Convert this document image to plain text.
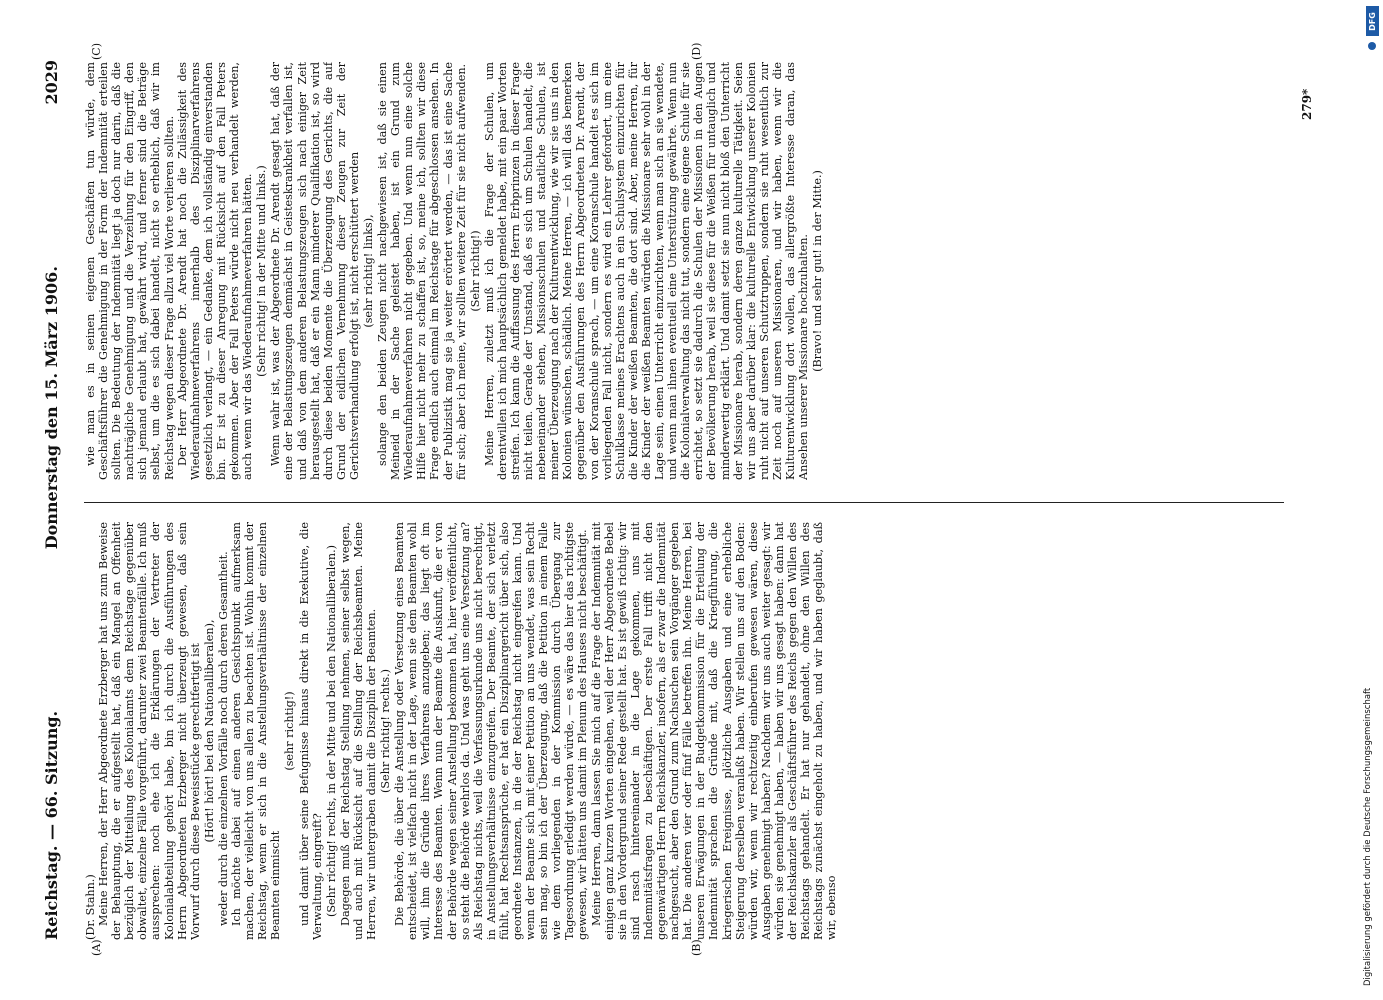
Reichstag. — 66. Sitzung.
Donnerstag den 15. März 1906.
2029
(A)	(B)
(C)	(D)

(Dr. Stahn.) Meine Herren, der Herr Abgeordnete Erzberger hat uns zum Beweise der Behauptung, die er aufgestellt hat, daß ein Mangel an Offenheit bezüglich der Mitteilung des Kolonialamts dem Reichstage gegenüber obwaltet, einzelne Fälle vorgeführt, darunter zwei Beamtenfälle. Ich muß aussprechen: noch ehe ich die Erklärungen der Vertreter der Kolonialabteilung gehört habe, bin ich durch die Ausführungen des Herrn Abgeordneten Erzberger nicht überzeugt gewesen, daß sein Vorwurf durch diese Beweisstücke gerechtfertigt ist (Hört! hört! bei den Nationalliberalen), weder durch die einzelnen Vorfälle noch durch deren Gesamtheit. Ich möchte dabei auf einen anderen Gesichtspunkt aufmerksam machen, der vielleicht von uns allen zu beachten ist. Wohin kommt der Reichstag, wenn er sich in die Anstellungsverhältnisse der einzelnen Beamten einmischt

(sehr richtig!) und damit über seine Befugnisse hinaus direkt in die Exekutive, die Verwaltung, eingreift? (Sehr richtig! rechts, in der Mitte und bei den Nationalliberalen.) Dagegen muß der Reichstag Stellung nehmen, seiner selbst wegen, und auch mit Rücksicht auf die Stellung der Reichsbeamten. Meine Herren, wir untergraben damit die Disziplin der Beamten. (Sehr richtig! rechts.) Die Behörde, die über die Anstellung oder Versetzung eines Beamten entscheidet, ist vielfach nicht in der Lage, wenn sie dem Beamten wohl will, ihm die Gründe ihres Verfahrens anzugeben; das liegt oft im Interesse des Beamten. Wenn nun der Beamte die Auskunft, die er von der Behörde wegen seiner Anstellung bekommen hat, hier veröffentlicht, so steht die Behörde wehrlos da. Und was geht uns eine Versetzung an? Als Reichstag nichts, weil die Verfassungsurkunde uns nicht berechtigt, in Anstellungsverhältnisse einzugreifen. Der Beamte, der sich verletzt fühlt, hat Rechtsansprüche, er hat ein Disziplinargericht über sich, also geordnete Instanzen, in die der Reichstag nicht eingreifen kann. Und wenn der Beamte sich mit einer Petition an uns wendet, was sein Recht sein mag, so bin ich der Überzeugung, daß die Petition in einem Falle wie dem vorliegenden in der Kommission durch Übergang zur Tagesordnung erledigt werden würde, — es wäre das hier das richtigste gewesen, wir hätten uns damit im Plenum des Hauses nicht beschäftigt. Meine Herren, dann lassen Sie mich auf die Frage der Indemnität mit einigen ganz kurzen Worten eingehen, weil der Herr Abgeordnete Bebel sie in den Vordergrund seiner Rede gestellt hat. Es ist gewiß richtig: wir sind rasch hintereinander in die Lage gekommen, uns mit Indemnitätsfragen zu beschäftigen. Der erste Fall trifft nicht den gegenwärtigen Herrn Reichskanzler, insofern, als er zwar die Indemnität nachgesucht, aber den Grund zum Nachsuchen sein Vorgänger gegeben hat. Die anderen vier oder fünf Fälle betreffen ihn. Meine Herren, bei unseren Erwägungen in der Budgetkommission für die Erteilung der Indemnität sprachen die Gründe mit, daß die Kriegführung, die kriegerischen Ereignisse, plötzliche Ausgaben und eine erhebliche Steigerung derselben veranlaßt haben. Wir stellen uns auf den Boden: würden wir, wenn wir rechtzeitig einberufen gewesen wären, diese Ausgaben genehmigt haben? Nachdem wir uns auch weiter gesagt: wir würden sie genehmigt haben, — haben wir uns gesagt haben: dann hat der Reichskanzler als Geschäftsführer des Reichs gegen den Willen des Reichstags gehandelt. Er hat nur gehandelt, ohne den Willen des Reichstags zunächst eingeholt zu haben, und wir haben geglaubt, daß wir, ebenso

wie man es in seinen eigenen Geschäften tun würde, dem Geschäftsführer die Genehmigung in der Form der Indemnität erteilen sollten. Die Bedeutung der Indemnität liegt ja doch nur darin, daß die nachträgliche Genehmigung und die Verzeihung für den Eingriff, den sich jemand erlaubt hat, gewährt wird, und ferner sind die Beträge selbst, um die es sich dabei handelt, nicht so erheblich, daß wir im Reichstag wegen dieser Frage allzu viel Worte verlieren sollten. Der Herr Abgeordnete Dr. Arendt hat noch die Zulässigkeit des Wiederaufnahmeverfahrens innerhalb des Disziplinarverfahrens gesetzlich verlangt, — ein Gedanke, dem ich vollständig einverstanden bin. Er ist zu dieser Anregung mit Rücksicht auf den Fall Peters gekommen. Aber der Fall Peters würde nicht neu verhandelt werden, auch wenn wir das Wiederaufnahmeverfahren hätten. (Sehr richtig! in der Mitte und links.) Wenn wahr ist, was der Abgeordnete Dr. Arendt gesagt hat, daß der eine der Belastungszeugen demnächst in Geisteskrankheit verfallen ist, und daß von dem anderen Belastungszeugen sich nach einiger Zeit herausgestellt hat, daß er ein Mann minderer Qualifikation ist, so wird durch diese beiden Momente die Überzeugung des Gerichts, die auf Grund der eidlichen Vernehmung dieser Zeugen zur Zeit der Gerichtsverhandlung erfolgt ist, nicht erschüttert werden (sehr richtig! links), solange den beiden Zeugen nicht nachgewiesen ist, daß sie einen Meineid in der Sache geleistet haben, ist ein Grund zum Wiederaufnahmeverfahren nicht gegeben. Und wenn nun eine solche Hilfe hier nicht mehr zu schaffen ist, so, meine ich, sollten wir diese Frage endlich auch einmal im Reichstage für abgeschlossen ansehen. In der Publizistik mag sie ja weiter erörtert werden, — das ist eine Sache für sich; aber ich meine, wir sollten weitere Zeit für sie nicht aufwenden. (Sehr richtig!) Meine Herren, zuletzt muß ich die Frage der Schulen, um derentwillen ich mich hauptsächlich gemeldet habe, mit ein paar Worten streifen. Ich kann die Auffassung des Herrn Erbprinzen in dieser Frage nicht teilen. Gerade der Umstand, daß es sich um Schulen handelt, die nebeneinander stehen, Missionsschulen und staatliche Schulen, ist meiner Überzeugung nach der Kulturentwicklung, wie wir sie uns in den Kolonien wünschen, schädlich. Meine Herren, — ich will das bemerken gegenüber den Ausführungen des Herrn Abgeordneten Dr. Arendt, der von der Koranschule sprach, — um eine Koranschule handelt es sich im vorliegenden Fall nicht, sondern es wird ein Lehrer gefordert, um eine Schulklasse meines Erachtens auch in ein Schulsystem einzurichten für die Kinder der weißen Beamten, die dort sind. Aber, meine Herren, für die Kinder der weißen Beamten würden die Missionare sehr wohl in der Lage sein, einen Unterricht einzurichten, wenn man sich an sie wendete, und wenn man ihnen eventuell eine Unterstützung gewährte. Wenn nun die Kolonialverwaltung das nicht tut, sondern eine eigene Schule für sie errichtet, so setzt sie dadurch die Schulen der Missionen in den Augen der Bevölkerung herab, weil sie diese für die Weißen für untauglich und minderwertig erklärt. Und damit setzt sie nun nicht bloß den Unterricht der Missionare herab, sondern deren ganze kulturelle Tätigkeit. Seien wir uns aber darüber klar: die kulturelle Entwicklung unserer Kolonien ruht nicht auf unseren Schutztruppen, sondern sie ruht wesentlich zur Zeit noch auf unseren Missionaren, und wir haben, wenn wir die Kulturentwicklung dort wollen, das allergrößte Interesse daran, das Ansehen unserer Missionare hochzuhalten. (Bravo! und sehr gut! in der Mitte.)

279*
DFG
Digitalisierung gefördert durch die Deutsche Forschungsgemeinschaft
